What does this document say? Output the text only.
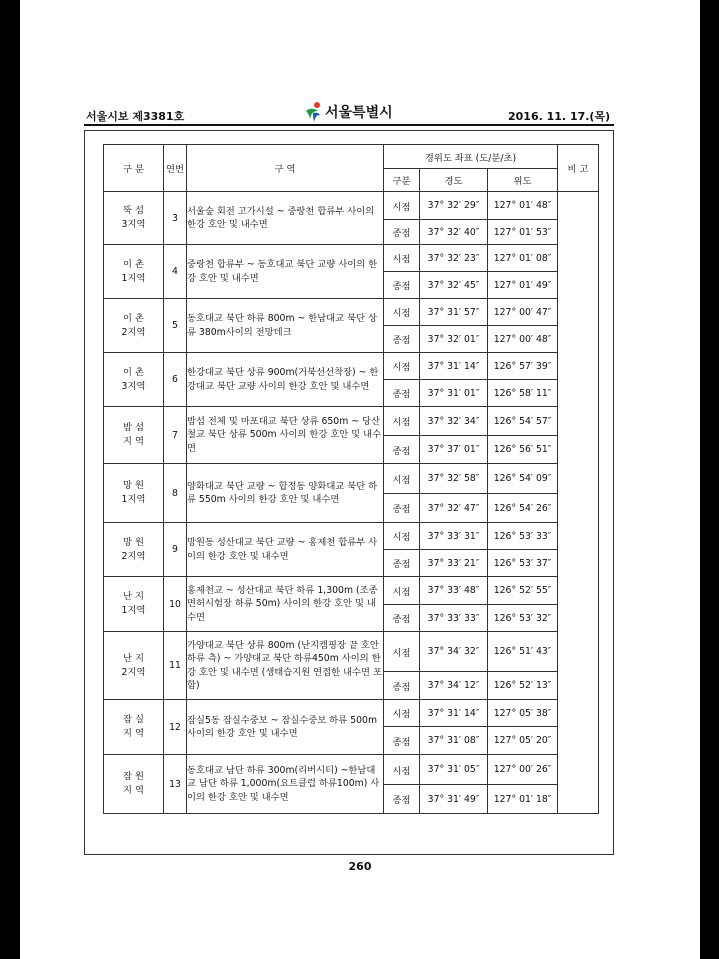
서울시보 제3381호	서울특별시	2016. 11. 17.(목)
구 분	연번	구 역	경위도 좌표 (도/분/초)			비 고
			구분	경도	위도	

뚝 섬
3지역	3	서울숲 회전 고가시설 ~ 중랑천 합류부 사이의 한강 호안 및 내수면	시점	37° 32′ 29″	127° 01′ 48″	
			종점	37° 32′ 40″	127° 01′ 53″	

이 촌
1지역	4	중랑천 합류부 ~ 동호대교 북단 교량 사이의 한강 호안 및 내수면	시점	37° 32′ 23″	127° 01′ 08″	
			종점	37° 32′ 45″	127° 01′ 49″	

이 촌
2지역	5	동호대교 북단 하류 800m ~ 한남대교 북단 상류 380m사이의 전망데크	시점	37° 31′ 57″	127° 00′ 47″	
			종점	37° 32′ 01″	127° 00′ 48″	

이 촌
3지역	6	한강대교 북단 상류 900m(거북선선착장) ~ 한강대교 북단 교량 사이의 한강 호안 및 내수면	시점	37° 31′ 14″	126° 57′ 39″	
			종점	37° 31′ 01″	126° 58′ 11″	

밤 섬
지 역	7	밤섬 전체 및 마포대교 북단 상류 650m ~ 당산철교 북단 상류 500m 사이의 한강 호안 및 내수면	시점	37° 32′ 34″	126° 54′ 57″	
			종점	37° 37′ 01″	126° 56′ 51″	

망 원
1지역	8	양화대교 북단 교량 ~ 합정동 양화대교 북단 하류 550m 사이의 한강 호안 및 내수면	시점	37° 32′ 58″	126° 54′ 09″	
			종점	37° 32′ 47″	126° 54′ 26″	

망 원
2지역	9	망원동 성산대교 북단 교량 ~ 홍제천 합류부 사이의 한강 호안 및 내수면	시점	37° 33′ 31″	126° 53′ 33″	
			종점	37° 33′ 21″	126° 53′ 37″	

난 지
1지역	10	홍제천교 ~ 성산대교 북단 하류 1,300m (조종면허시험장 하류 50m) 사이의 한강 호안 및 내수면	시점	37° 33′ 48″	126° 52′ 55″	
			종점	37° 33′ 33″	126° 53′ 32″	

난 지
2지역	11	가양대교 북단 상류 800m (난지캠핑장 끝 호안 하류 측) ~ 가양대교 북단 하류450m 사이의 한강 호안 및 내수면 (생태습지원 연접한 내수면 포함)	시점	37° 34′ 32″	126° 51′ 43″	
			종점	37° 34′ 12″	126° 52′ 13″	

잠 실
지 역	12	잠실5동 잠실수중보 ~ 잠실수중보 하류 500m 사이의 한강 호안 및 내수면	시점	37° 31′ 14″	127° 05′ 38″	
			종점	37° 31′ 08″	127° 05′ 20″	

잠 원
지 역	13	동호대교 남단 하류 300m(리버시티) ~한남대교 남단 하류 1,000m(요트클럽 하류100m) 사이의 한강 호안 및 내수면	시점	37° 31′ 05″	127° 00′ 26″	
			종점	37° 31′ 49″	127° 01′ 18″	
260
